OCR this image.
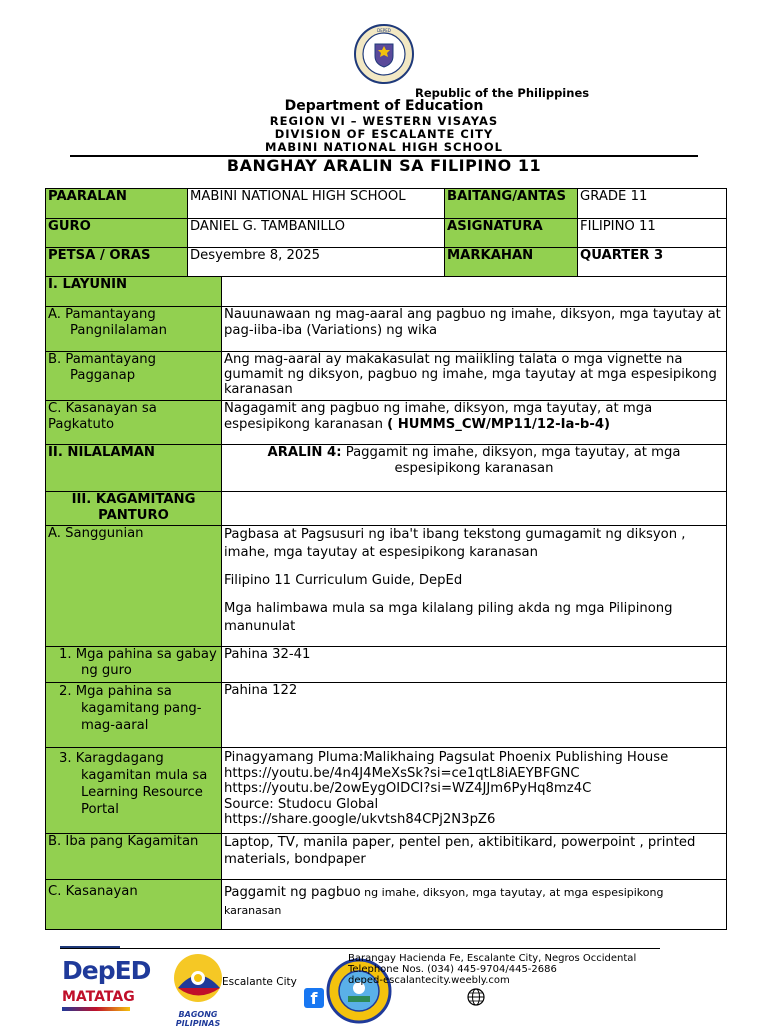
DEPED
Republic of the Philippines
Department of Education
REGION VI – WESTERN VISAYAS
DIVISION OF ESCALANTE CITY
MABINI NATIONAL HIGH SCHOOL
BANGHAY ARALIN SA FILIPINO 11
PAARALAN	MABINI NATIONAL HIGH SCHOOL		BAITANG/ANTAS	GRADE 11
GURO	DANIEL G. TAMBANILLO		ASIGNATURA	FILIPINO 11
PETSA / ORAS	Desyembre 8, 2025		MARKAHAN	QUARTER 3
I. LAYUNIN				

A. Pamantayang Pangnilalaman		Nauunawaan ng mag-aaral ang pagbuo ng imahe, diksyon, mga tayutay at pag-iiba-iba (Variations) ng wika		

B. Pamantayang Pagganap		Ang mag-aaral ay makakasulat ng maiikling talata o mga vignette na gumamit ng diksyon, pagbuo ng imahe, mga tayutay at mga espesipikong karanasan		
C. Kasanayan sa Pagkatuto		Nagagamit ang pagbuo ng imahe, diksyon, mga tayutay, at mga espesipikong karanasan ( HUMMS_CW/MP11/12-Ia-b-4)		
II. NILALAMAN		ARALIN 4: Paggamit ng imahe, diksyon, mga tayutay, at mga espesipikong karanasan		
III. KAGAMITANG PANTURO				

A. Sanggunian		Pagbasa at Pagsusuri ng iba't ibang tekstong gumagamit ng diksyon , imahe, mga tayutay at espesipikong karanasan

Filipino 11 Curriculum Guide, DepEd

Mga halimbawa mula sa mga kilalang piling akda ng mga Pilipinong manunulat		

1. Mga pahina sa gabay ng guro		Pahina 32-41		

2. Mga pahina sa kagamitang pang-mag-aaral		Pahina 122		

3. Karagdagang kagamitan mula sa Learning Resource Portal		Pinagyamang Pluma:Malikhaing Pagsulat Phoenix Publishing House
https://youtu.be/4n4J4MeXsSk?si=ce1qtL8iAEYBFGNC
https://youtu.be/2owEygOIDCI?si=WZ4JJm6PyHq8mz4C
Source: Studocu Global
https://share.google/ukvtsh84CPj2N3pZ6		

B. Iba pang Kagamitan		Laptop, TV, manila paper, pentel pen, aktibitikard, powerpoint , printed materials, bondpaper		
C. Kasanayan		Paggamit ng pagbuo ng imahe, diksyon, mga tayutay, at mga espesipikong karanasan		
DepED
MATATAG
BAGONG PILIPINAS
Escalante City
f
Barangay Hacienda Fe, Escalante City, Negros Occidental
Telephone Nos. (034) 445-9704/445-2686
deped-escalantecity.weebly.com
